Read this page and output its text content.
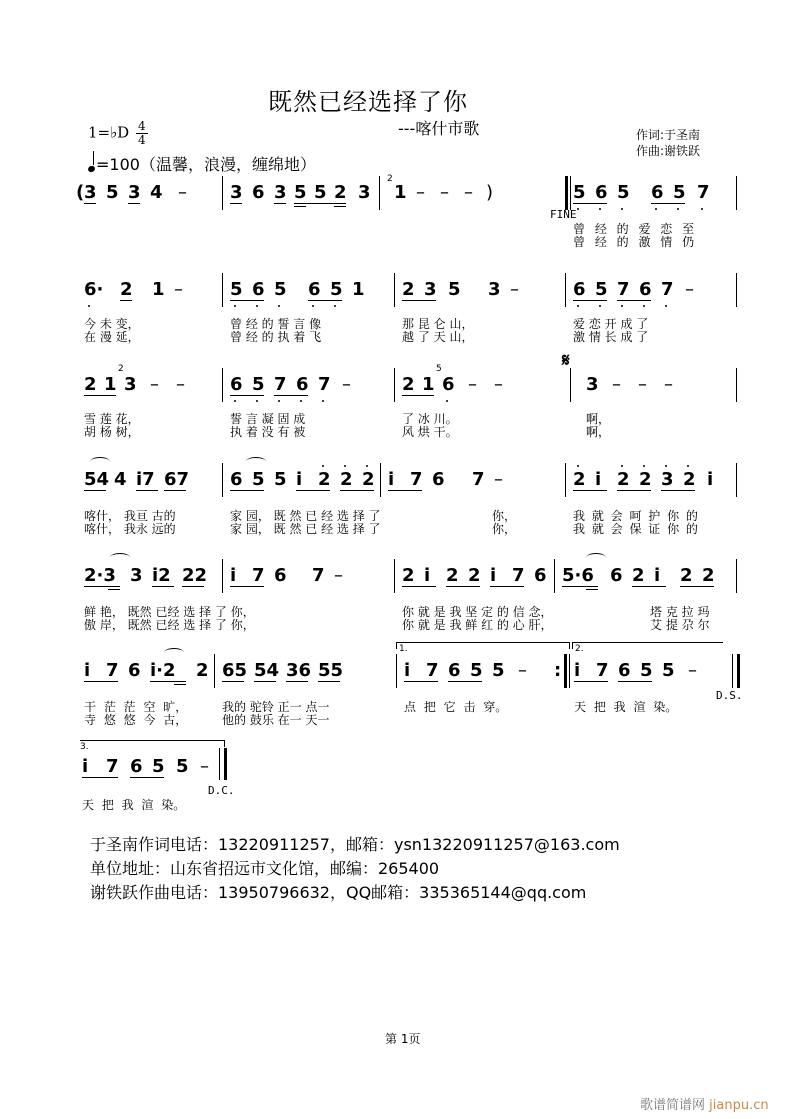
既然已经选择了你
---喀什市歌	作词:于圣南
作曲:谢铁跃
1=♭D $\frac{4}{4}$
=100（温馨，浪漫，缠绵地）
( 3 5 3 4 – 3 6 3 5 5 2 3
2
1 – – – )	5 6 5 6 5 7
FINE
曾 经 的 爱 恋 至
曾 经 的 激 情 仍
6· 2 1 –	5 6 5 6 5 1 2 3 5 3 –	6 5 7 6 7 –
今 未 变，	曾 经 的 誓 言 像	那 昆 仑 山，	爱 恋 开 成 了
在 漫 延，	曾 经 的 执 着 飞	越 了 天 山，	激 情 长 成 了
2 1
2
3 – –	6 5 7 6 7 –	2 1
5
6 – –
𝄋
3 – – –
雪 莲 花，	誓 言 凝 固 成	了 冰 川。	啊，
胡 杨 树，	执 着 没 有 被	风 烘 干。	啊，
54 4 i7 67 6 5 5 i 2 2 2 i 7 6 7 –	2 i 2 2 3 2 i
喀什， 我亘 古的	家 园， 既 然 已 经 选 择 了	你，	我 就 会 呵 护 你 的
喀什， 我永 远的	家 园， 既 然 已 经 选 择 了	你，	我 就 会 保 证 你 的
2·3 3 i2 22 i 7 6 7 –	2 i 2 2 i 7 6 5·6 6 2 i 2 2
鲜 艳， 既然 已经 选 择 了 你，	你 就 是 我 坚 定 的 信 念，	塔 克 拉 玛
傲 岸， 既然 已经 选 择 了 你，	你 就 是 我 鲜 红 的 心 肝，	艾 提 尕 尔
1.	2.
i 7 6 i·2 2 65 54 36 55	i 7 6 5 5 – : i 7 6 5 5 –
D.S.
干 茫 茫 空 旷，	我的 驼铃 正一 点一	点 把 它 击 穿。	天 把 我 渲 染。
寺 悠 悠 今 古，	他的 鼓乐 在一 天一
3.
i 7 6 5 5 –
D.C.
天 把 我 渲 染。
于圣南作词电话：13220911257，邮箱：ysn13220911257@163.com
单位地址：山东省招远市文化馆，邮编：265400
谢铁跃作曲电话：13950796632，QQ邮箱：335365144@qq.com
第 1页
歌谱简谱网 jianpu.cn
